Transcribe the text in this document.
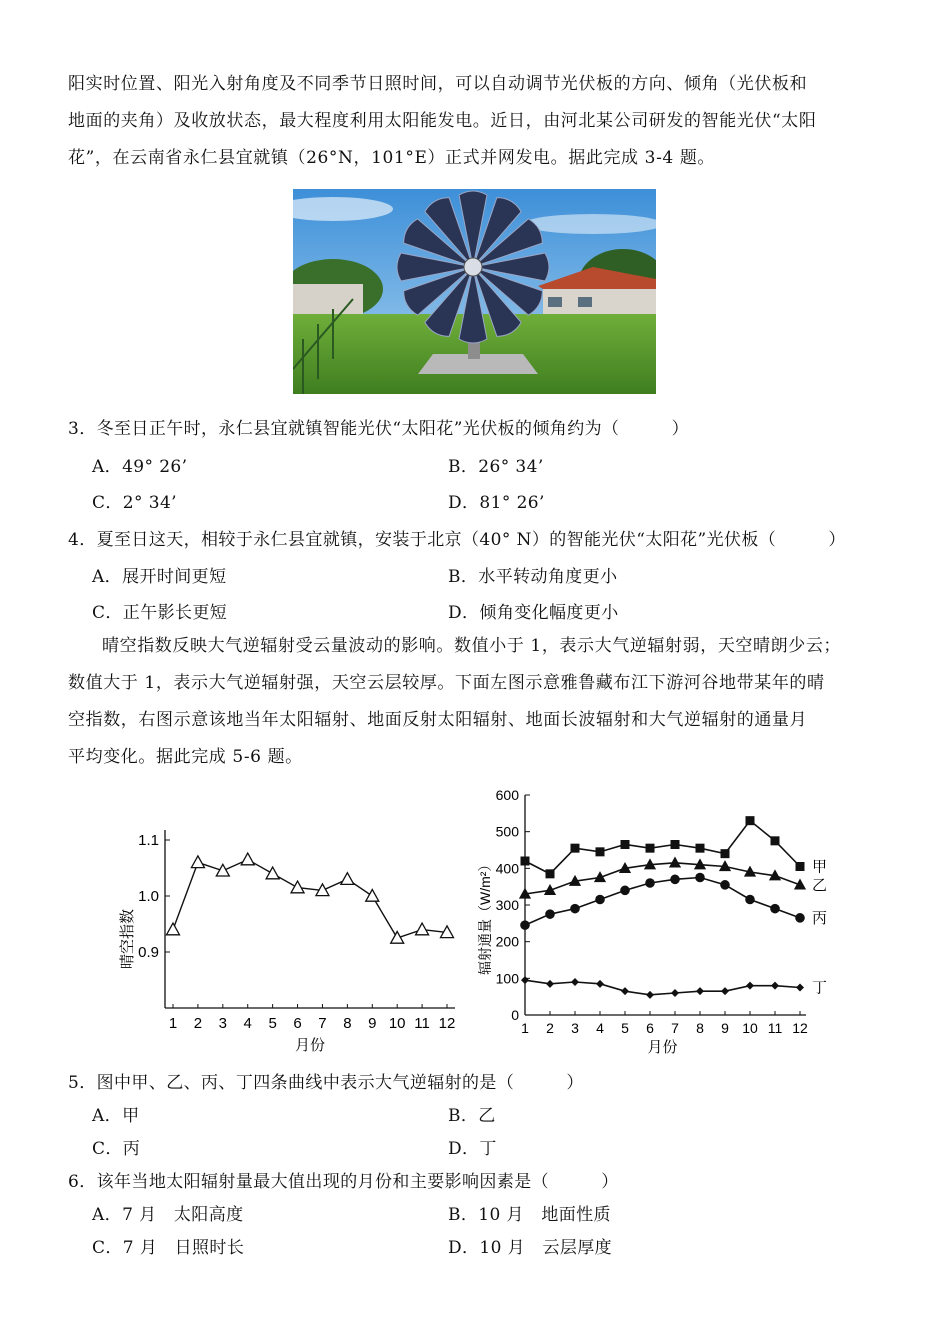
阳实时位置、阳光入射角度及不同季节日照时间，可以自动调节光伏板的方向、倾角（光伏板和
地面的夹角）及收放状态，最大程度利用太阳能发电。近日，由河北某公司研发的智能光伏“太阳
花”，在云南省永仁县宜就镇（26°N，101°E）正式并网发电。据此完成 3-4 题。
3．冬至日正午时，永仁县宜就镇智能光伏“太阳花”光伏板的倾角约为（　　　）
A．49° 26’	B．26° 34’
C．2° 34’	D．81° 26’
4．夏至日这天，相较于永仁县宜就镇，安装于北京（40° N）的智能光伏“太阳花”光伏板（　　　）
A．展开时间更短	B．水平转动角度更小
C．正午影长更短	D．倾角变化幅度更小
晴空指数反映大气逆辐射受云量波动的影响。数值小于 1，表示大气逆辐射弱，天空晴朗少云；
数值大于 1，表示大气逆辐射强，天空云层较厚。下面左图示意雅鲁藏布江下游河谷地带某年的晴
空指数，右图示意该地当年太阳辐射、地面反射太阳辐射、地面长波辐射和大气逆辐射的通量月
平均变化。据此完成 5-6 题。
0.9
1.0
1.1
1 2 3 4 5 6 7 8 9 10 11 12
月份
晴空指数
0
100
200
300
400
500
600
1 2 3 4 5 6 7 8 9 10 11 12
月份
辐射通量（W/m²）	甲
乙
丙
丁
5．图中甲、乙、丙、丁四条曲线中表示大气逆辐射的是（　　　）
A．甲	B．乙
C．丙	D．丁
6．该年当地太阳辐射量最大值出现的月份和主要影响因素是（　　　）
A．7 月　太阳高度	B．10 月　地面性质
C．7 月　日照时长	D．10 月　云层厚度
